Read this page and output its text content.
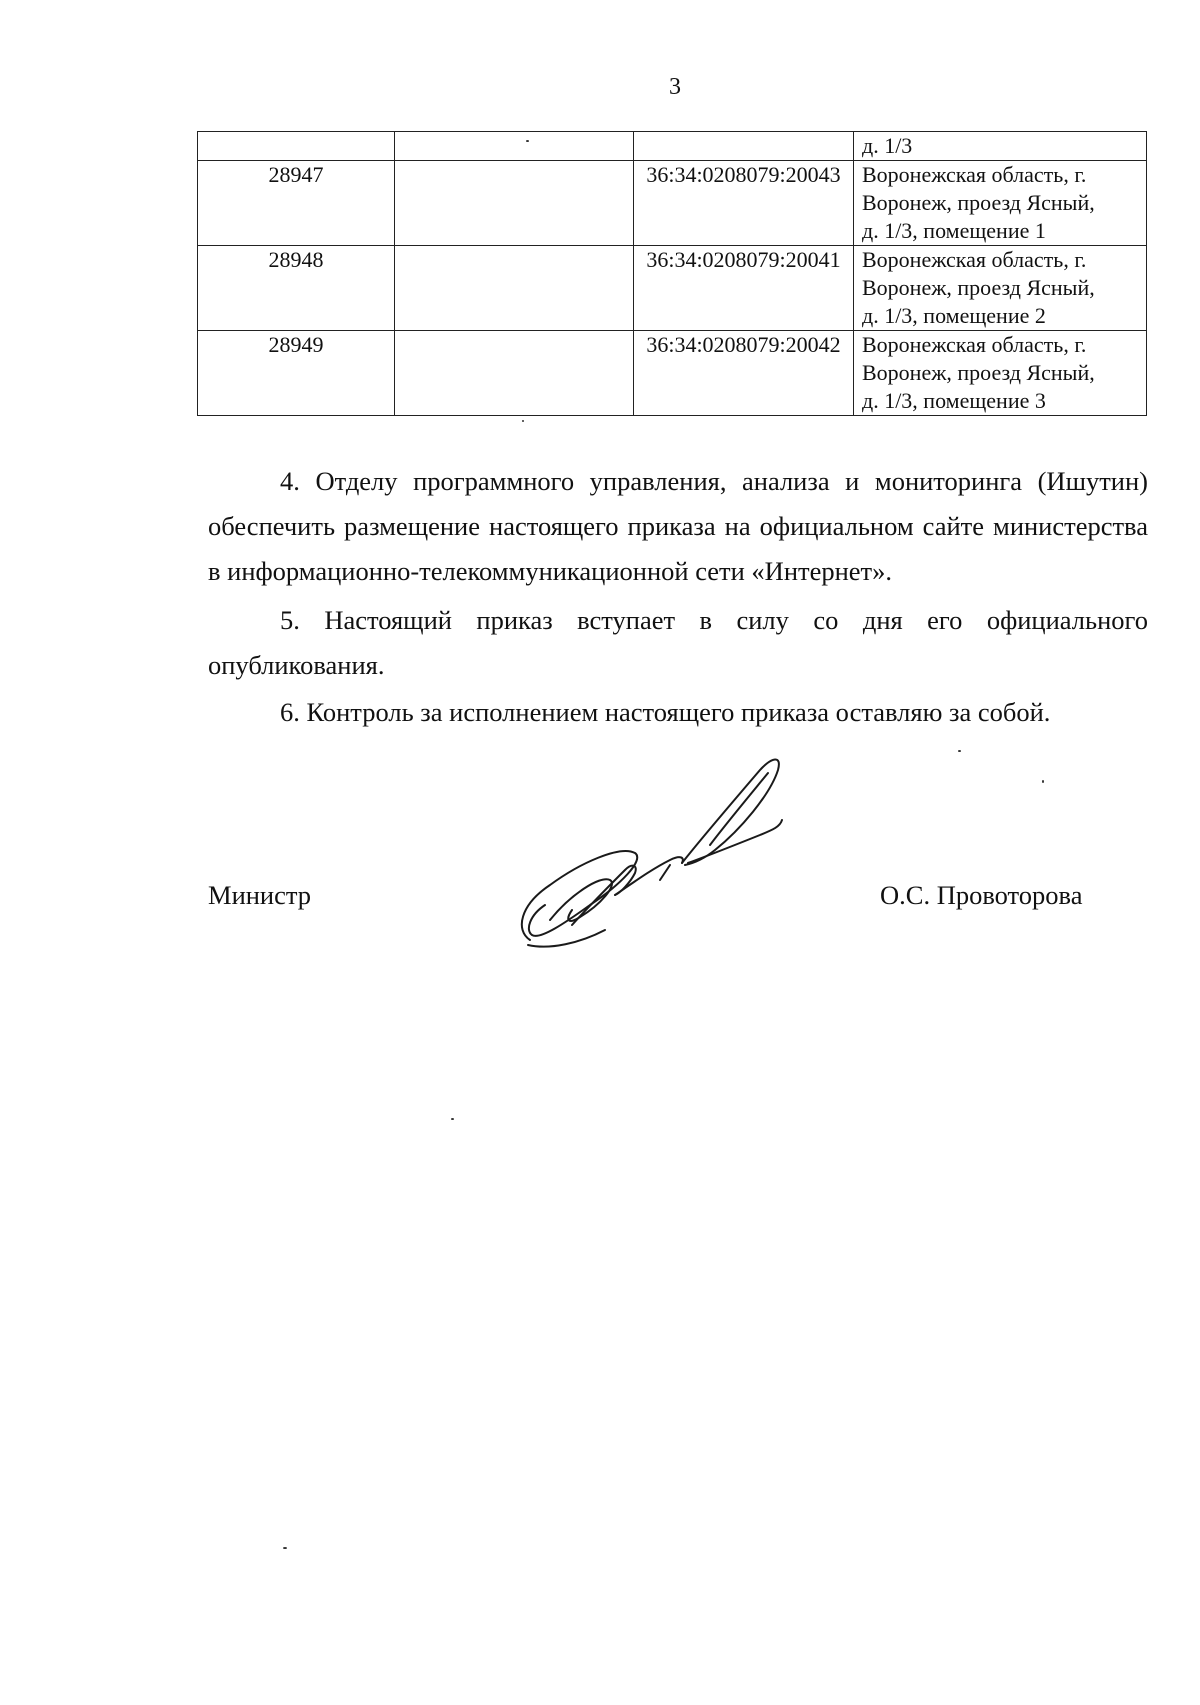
3

			д. 1/3

28947		36:34:0208079:20043	Воронежская область, г.
Воронеж, проезд Ясный,
д. 1/3, помещение 1

28948		36:34:0208079:20041	Воронежская область, г.
Воронеж, проезд Ясный,
д. 1/3, помещение 2

28949		36:34:0208079:20042	Воронежская область, г.
Воронеж, проезд Ясный,
д. 1/3, помещение 3

4. Отделу программного управления, анализа и мониторинга (Ишутин) обеспечить размещение настоящего приказа на официальном сайте министерства в информационно-телекоммуникационной сети «Интернет».

5. Настоящий приказ вступает в силу со дня его официального опубликования.

6. Контроль за исполнением настоящего приказа оставляю за собой.

Министр	О.С. Провоторова
